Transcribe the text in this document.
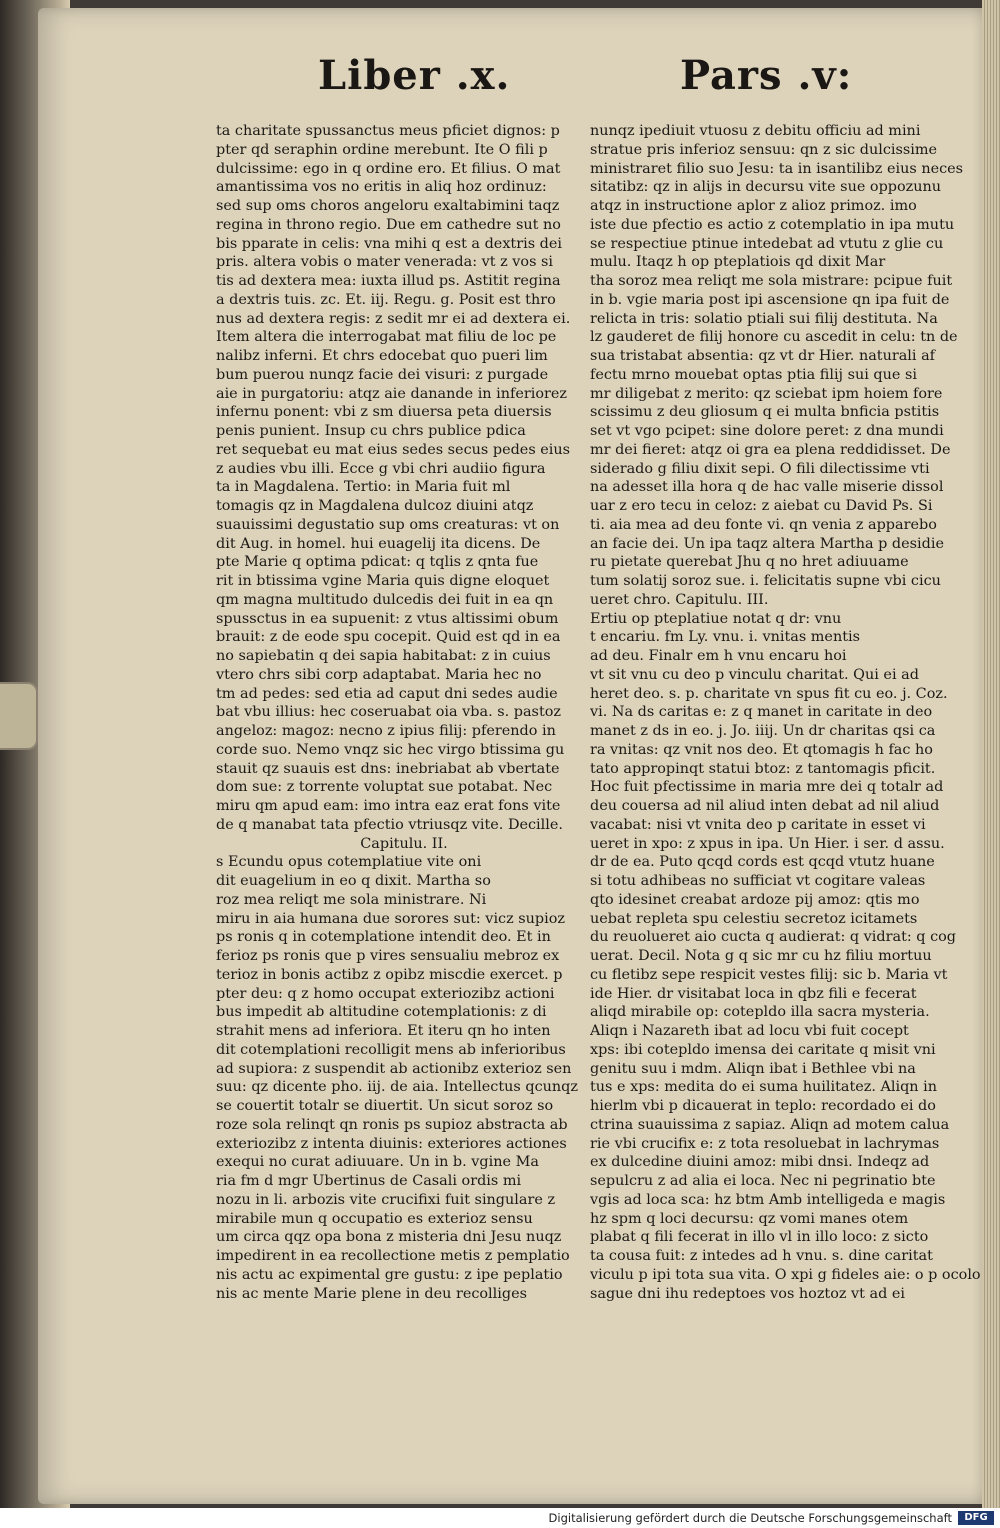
Liber .x.	Pars .v:
ta charitate spussanctus meus pficiet dignos: p
pter qd seraphin ordine merebunt. Ite O fili p
dulcissime: ego in q ordine ero. Et filius. O mat
amantissima vos no eritis in aliq hoz ordinuz:
sed sup oms choros angeloru exaltabimini taqz
regina in throno regio. Due em cathedre sut no
bis pparate in celis: vna mihi q est a dextris dei
pris. altera vobis o mater venerada: vt z vos si
tis ad dextera mea: iuxta illud ps. Astitit regina
a dextris tuis. zc. Et. iij. Regu. g. Posit est thro
nus ad dextera regis: z sedit mr ei ad dextera ei.
Item altera die interrogabat mat filiu de loc pe
nalibz inferni. Et chrs edocebat quo pueri lim
bum puerou nunqz facie dei visuri: z purgade
aie in purgatoriu: atqz aie danande in inferiorez
infernu ponent: vbi z sm diuersa peta diuersis
penis punient. Insup cu chrs publice pdica
ret sequebat eu mat eius sedes secus pedes eius
z audies vbu illi. Ecce g vbi chri audiio figura
ta in Magdalena. Tertio: in Maria fuit ml
tomagis qz in Magdalena dulcoz diuini atqz
suauissimi degustatio sup oms creaturas: vt on
dit Aug. in homel. hui euagelij ita dicens. De
pte Marie q optima pdicat: q tqlis z qnta fue
rit in btissima vgine Maria quis digne eloquet
qm magna multitudo dulcedis dei fuit in ea qn
spussctus in ea supuenit: z vtus altissimi obum
brauit: z de eode spu cocepit. Quid est qd in ea
no sapiebatin q dei sapia habitabat: z in cuius
vtero chrs sibi corp adaptabat. Maria hec no
tm ad pedes: sed etia ad caput dni sedes audie
bat vbu illius: hec coseruabat oia vba. s. pastoz
angeloz: magoz: necno z ipius filij: pferendo in
corde suo. Nemo vnqz sic hec virgo btissima gu
stauit qz suauis est dns: inebriabat ab vbertate
dom sue: z torrente voluptat sue potabat. Nec
miru qm apud eam: imo intra eaz erat fons vite
de q manabat tata pfectio vtriusqz vite. Decille.
Capitulu. II.
s Ecundu opus cotemplatiue vite oni
dit euagelium in eo q dixit. Martha so
roz mea reliqt me sola ministrare. Ni
miru in aia humana due sorores sut: vicz supioz
ps ronis q in cotemplatione intendit deo. Et in
ferioz ps ronis que p vires sensualiu mebroz ex
terioz in bonis actibz z opibz miscdie exercet. p
pter deu: q z homo occupat exteriozibz actioni
bus impedit ab altitudine cotemplationis: z di
strahit mens ad inferiora. Et iteru qn ho inten
dit cotemplationi recolligit mens ab inferioribus
ad supiora: z suspendit ab actionibz exterioz sen
suu: qz dicente pho. iij. de aia. Intellectus qcunqz
se couertit totalr se diuertit. Un sicut soroz so
roze sola relinqt qn ronis ps supioz abstracta ab
exteriozibz z intenta diuinis: exteriores actiones
exequi no curat adiuuare. Un in b. vgine Ma
ria fm d mgr Ubertinus de Casali ordis mi
nozu in li. arbozis vite crucifixi fuit singulare z
mirabile mun q occupatio es exterioz sensu
um circa qqz opa bona z misteria dni Jesu nuqz
impedirent in ea recollectione metis z pemplatio
nis actu ac expimental gre gustu: z ipe peplatio
nis ac mente Marie plene in deu recolliges
nunqz ipediuit vtuosu z debitu officiu ad mini
stratue pris inferioz sensuu: qn z sic dulcissime
ministraret filio suo Jesu: ta in isantilibz eius neces
sitatibz: qz in alijs in decursu vite sue oppozunu
atqz in instructione aplor z alioz primoz. imo
iste due pfectio es actio z cotemplatio in ipa mutu
se respectiue ptinue intedebat ad vtutu z glie cu
mulu. Itaqz h op pteplatiois qd dixit Mar
tha soroz mea reliqt me sola mistrare: pcipue fuit
in b. vgie maria post ipi ascensione qn ipa fuit de
relicta in tris: solatio ptiali sui filij destituta. Na
lz gauderet de filij honore cu ascedit in celu: tn de
sua tristabat absentia: qz vt dr Hier. naturali af
fectu mrno mouebat optas ptia filij sui que si
mr diligebat z merito: qz sciebat ipm hoiem fore
scissimu z deu gliosum q ei multa bnficia pstitis
set vt vgo pcipet: sine dolore peret: z dna mundi
mr dei fieret: atqz oi gra ea plena reddidisset. De
siderado g filiu dixit sepi. O fili dilectissime vti
na adesset illa hora q de hac valle miserie dissol
uar z ero tecu in celoz: z aiebat cu David Ps. Si
ti. aia mea ad deu fonte vi. qn venia z apparebo
an facie dei. Un ipa taqz altera Martha p desidie
ru pietate querebat Jhu q no hret adiuuame
tum solatij soroz sue. i. felicitatis supne vbi cicu
ueret chro. Capitulu. III.
Ertiu op pteplatiue notat q dr: vnu
t encariu. fm Ly. vnu. i. vnitas mentis
ad deu. Finalr em h vnu encaru hoi
vt sit vnu cu deo p vinculu charitat. Qui ei ad
heret deo. s. p. charitate vn spus fit cu eo. j. Coz.
vi. Na ds caritas e: z q manet in caritate in deo
manet z ds in eo. j. Jo. iiij. Un dr charitas qsi ca
ra vnitas: qz vnit nos deo. Et qtomagis h fac ho
tato appropinqt statui btoz: z tantomagis pficit.
Hoc fuit pfectissime in maria mre dei q totalr ad
deu couersa ad nil aliud inten debat ad nil aliud
vacabat: nisi vt vnita deo p caritate in esset vi
ueret in xpo: z xpus in ipa. Un Hier. i ser. d assu.
dr de ea. Puto qcqd cords est qcqd vtutz huane
si totu adhibeas no sufficiat vt cogitare valeas
qto idesinet creabat ardoze pij amoz: qtis mo
uebat repleta spu celestiu secretoz icitamets
du reuolueret aio cucta q audierat: q vidrat: q cog
uerat. Decil. Nota g q sic mr cu hz filiu mortuu
cu fletibz sepe respicit vestes filij: sic b. Maria vt
ide Hier. dr visitabat loca in qbz fili e fecerat
aliqd mirabile op: cotepldo illa sacra mysteria.
Aliqn i Nazareth ibat ad locu vbi fuit cocept
xps: ibi cotepldo imensa dei caritate q misit vni
genitu suu i mdm. Aliqn ibat i Bethlee vbi na
tus e xps: medita do ei suma huilitatez. Aliqn in
hierlm vbi p dicauerat in teplo: recordado ei do
ctrina suauissima z sapiaz. Aliqn ad motem calua
rie vbi crucifix e: z tota resoluebat in lachrymas
ex dulcedine diuini amoz: mibi dnsi. Indeqz ad
sepulcru z ad alia ei loca. Nec ni pegrinatio bte
vgis ad loca sca: hz btm Amb intelligeda e magis
hz spm q loci decursu: qz vomi manes otem
plabat q fili fecerat in illo vl in illo loco: z sicto
ta cousa fuit: z intedes ad h vnu. s. dine caritat
viculu p ipi tota sua vita. O xpi g fideles aie: o p ocolo
sague dni ihu redeptoes vos hoztoz vt ad ei
Digitalisierung gefördert durch die Deutsche Forschungsgemeinschaft	DFG
